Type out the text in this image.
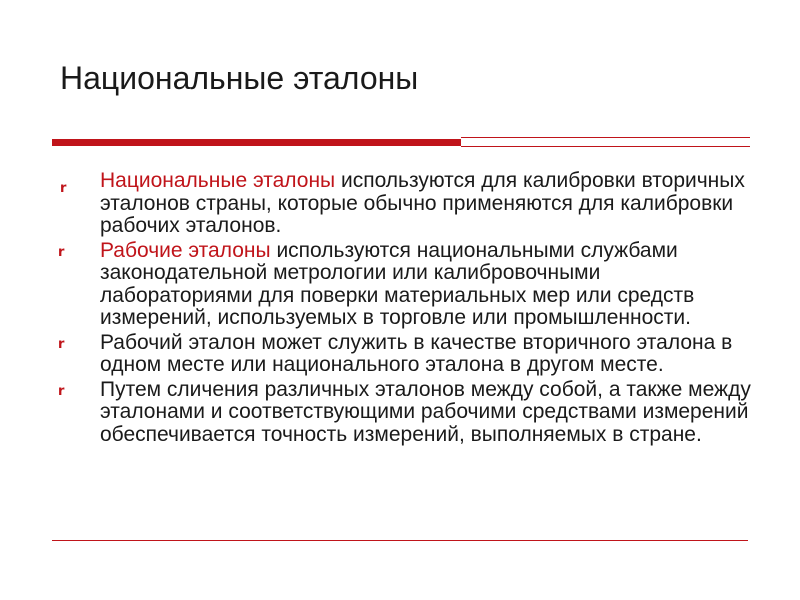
Национальные эталоны
r Национальные эталоны используются для калибровки вторичных эталонов страны, которые обычно применяются для калибровки рабочих эталонов.
r Рабочие эталоны используются национальными службами законодательной метрологии или калибровочными лабораториями для поверки материальных мер или средств измерений, используемых в торговле или промышленности.
r Рабочий эталон может служить в качестве вторичного эталона в одном месте или национального эталона в другом месте.
r Путем сличения различных эталонов между собой, а также между эталонами и соответствующими рабочими средствами измерений обеспечивается точность измерений, выполняемых в стране.
